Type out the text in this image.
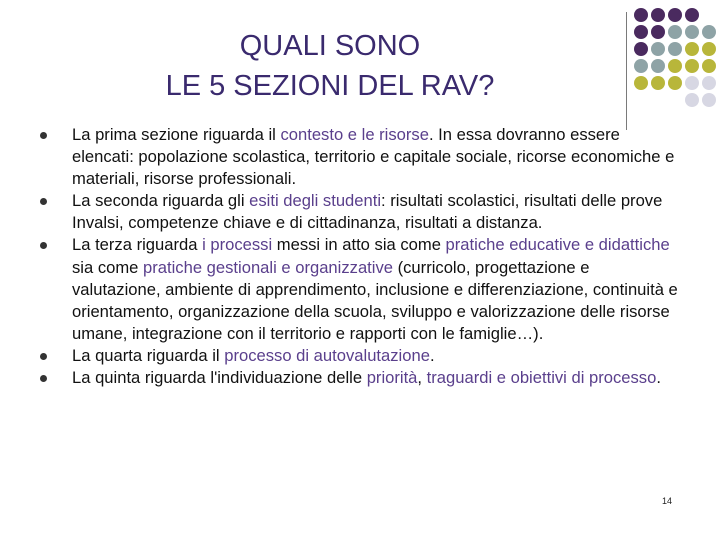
QUALI SONO
LE 5 SEZIONI DEL RAV?
La prima sezione riguarda il contesto e le risorse. In essa dovranno essere elencati: popolazione scolastica, territorio e capitale sociale, ricorse economiche e materiali, risorse professionali.
La seconda riguarda gli esiti degli studenti: risultati scolastici, risultati delle prove Invalsi, competenze chiave e di cittadinanza, risultati a distanza.
La terza riguarda i processi messi in atto sia come pratiche educative e didattiche sia come pratiche gestionali e organizzative (curricolo, progettazione e valutazione, ambiente di apprendimento, inclusione e differenziazione, continuità e orientamento, organizzazione della scuola, sviluppo e valorizzazione delle risorse umane, integrazione con il territorio e rapporti con le famiglie…).
La quarta riguarda il processo di autovalutazione.
La quinta riguarda l'individuazione delle priorità, traguardi e obiettivi di processo.
14
